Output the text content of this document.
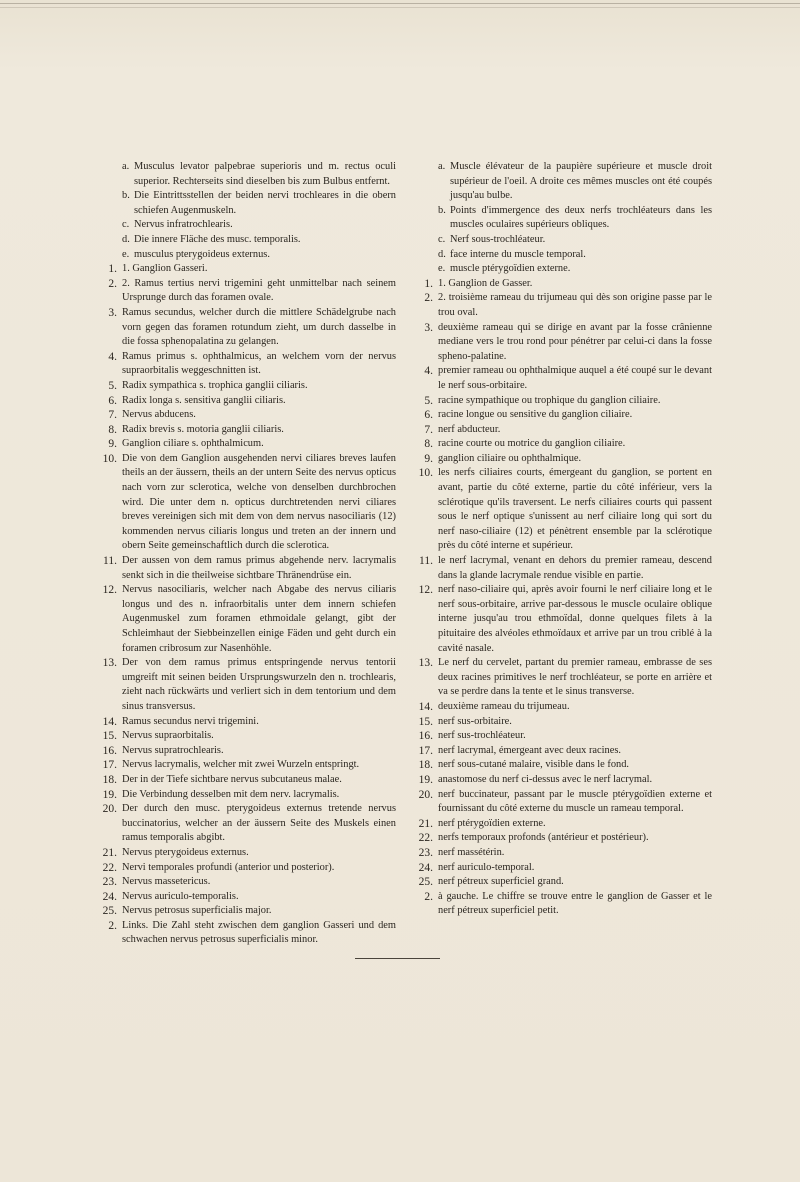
a. Musculus levator palpebrae superioris und m. rectus oculi superior. Rechterseits sind dieselben bis zum Bulbus entfernt.
b. Die Eintrittsstellen der beiden nervi trochleares in die obern schiefen Augenmuskeln.
c. Nervus infratrochlearis.
d. Die innere Fläche des musc. temporalis.
e. musculus pterygoideus externus.
1. 1. Ganglion Gasseri.
2. 2. Ramus tertius nervi trigemini geht unmittelbar nach seinem Ursprunge durch das foramen ovale.
3. Ramus secundus, welcher durch die mittlere Schädelgrube nach vorn gegen das foramen rotundum zieht, um durch dasselbe in die fossa sphenopalatina zu gelangen.
4. Ramus primus s. ophthalmicus, an welchem vorn der nervus supraorbitalis weggeschnitten ist.
5. Radix sympathica s. trophica ganglii ciliaris.
6. Radix longa s. sensitiva ganglii ciliaris.
7. Nervus abducens.
8. Radix brevis s. motoria ganglii ciliaris.
9. Ganglion ciliare s. ophthalmicum.
10. Die von dem Ganglion ausgehenden nervi ciliares breves laufen theils an der äussern, theils an der untern Seite des nervus opticus nach vorn zur sclerotica, welche von denselben durchbrochen wird. Die unter dem n. opticus durchtretenden nervi ciliares breves vereinigen sich mit dem von dem nervus nasociliaris (12) kommenden nervus ciliaris longus und treten an der innern und obern Seite gemeinschaftlich durch die sclerotica.
11. Der aussen von dem ramus primus abgehende nerv. lacrymalis senkt sich in die theilweise sichtbare Thränendrüse ein.
12. Nervus nasociliaris, welcher nach Abgabe des nervus ciliaris longus und des n. infraorbitalis unter dem innern schiefen Augenmuskel zum foramen ethmoidale gelangt, gibt der Schleimhaut der Siebbeinzellen einige Fäden und geht durch ein foramen cribrosum zur Nasenhöhle.
13. Der von dem ramus primus entspringende nervus tentorii umgreift mit seinen beiden Ursprungswurzeln den n. trochlearis, zieht nach rückwärts und verliert sich in dem tentorium und dem sinus transversus.
14. Ramus secundus nervi trigemini.
15. Nervus supraorbitalis.
16. Nervus supratrochlearis.
17. Nervus lacrymalis, welcher mit zwei Wurzeln entspringt.
18. Der in der Tiefe sichtbare nervus subcutaneus malae.
19. Die Verbindung desselben mit dem nerv. lacrymalis.
20. Der durch den musc. pterygoideus externus tretende nervus buccinatorius, welcher an der äussern Seite des Muskels einen ramus temporalis abgibt.
21. Nervus pterygoideus externus.
22. Nervi temporales profundi (anterior und posterior).
23. Nervus massetericus.
24. Nervus auriculo-temporalis.
25. Nervus petrosus superficialis major.
2. Links. Die Zahl steht zwischen dem ganglion Gasseri und dem schwachen nervus petrosus superficialis minor.
a. Muscle élévateur de la paupière supérieure et muscle droit supérieur de l'oeil. A droite ces mêmes muscles ont été coupés jusqu'au bulbe.
b. Points d'immergence des deux nerfs trochléateurs dans les muscles oculaires supérieurs obliques.
c. Nerf sous-trochléateur.
d. face interne du muscle temporal.
e. muscle ptérygoïdien externe.
1. 1. Ganglion de Gasser.
2. 2. troisième rameau du trijumeau qui dès son origine passe par le trou oval.
3. deuxième rameau qui se dirige en avant par la fosse crânienne mediane vers le trou rond pour pénétrer par celui-ci dans la fosse spheno-palatine.
4. premier rameau ou ophthalmique auquel a été coupé sur le devant le nerf sous-orbitaire.
5. racine sympathique ou trophique du ganglion ciliaire.
6. racine longue ou sensitive du ganglion ciliaire.
7. nerf abducteur.
8. racine courte ou motrice du ganglion ciliaire.
9. ganglion ciliaire ou ophthalmique.
10. les nerfs ciliaires courts, émergeant du ganglion, se portent en avant, partie du côté externe, partie du côté inférieur, vers la sclérotique qu'ils traversent. Le nerfs ciliaires courts qui passent sous le nerf optique s'unissent au nerf ciliaire long qui sort du nerf naso-ciliaire (12) et pénètrent ensemble par la sclérotique près du côté interne et supérieur.
11. le nerf lacrymal, venant en dehors du premier rameau, descend dans la glande lacrymale rendue visible en partie.
12. nerf naso-ciliaire qui, après avoir fourni le nerf ciliaire long et le nerf sous-orbitaire, arrive par-dessous le muscle oculaire oblique interne jusqu'au trou ethmoïdal, donne quelques filets à la pituitaire des alvéoles ethmoïdaux et arrive par un trou criblé à la cavité nasale.
13. Le nerf du cervelet, partant du premier rameau, embrasse de ses deux racines primitives le nerf trochléateur, se porte en arrière et va se perdre dans la tente et le sinus transverse.
14. deuxième rameau du trijumeau.
15. nerf sus-orbitaire.
16. nerf sus-trochléateur.
17. nerf lacrymal, émergeant avec deux racines.
18. nerf sous-cutané malaire, visible dans le fond.
19. anastomose du nerf ci-dessus avec le nerf lacrymal.
20. nerf buccinateur, passant par le muscle ptérygoïdien externe et fournissant du côté externe du muscle un rameau temporal.
21. nerf ptérygoïdien externe.
22. nerfs temporaux profonds (antérieur et postérieur).
23. nerf massétérin.
24. nerf auriculo-temporal.
25. nerf pétreux superficiel grand.
2. à gauche. Le chiffre se trouve entre le ganglion de Gasser et le nerf pétreux superficiel petit.
